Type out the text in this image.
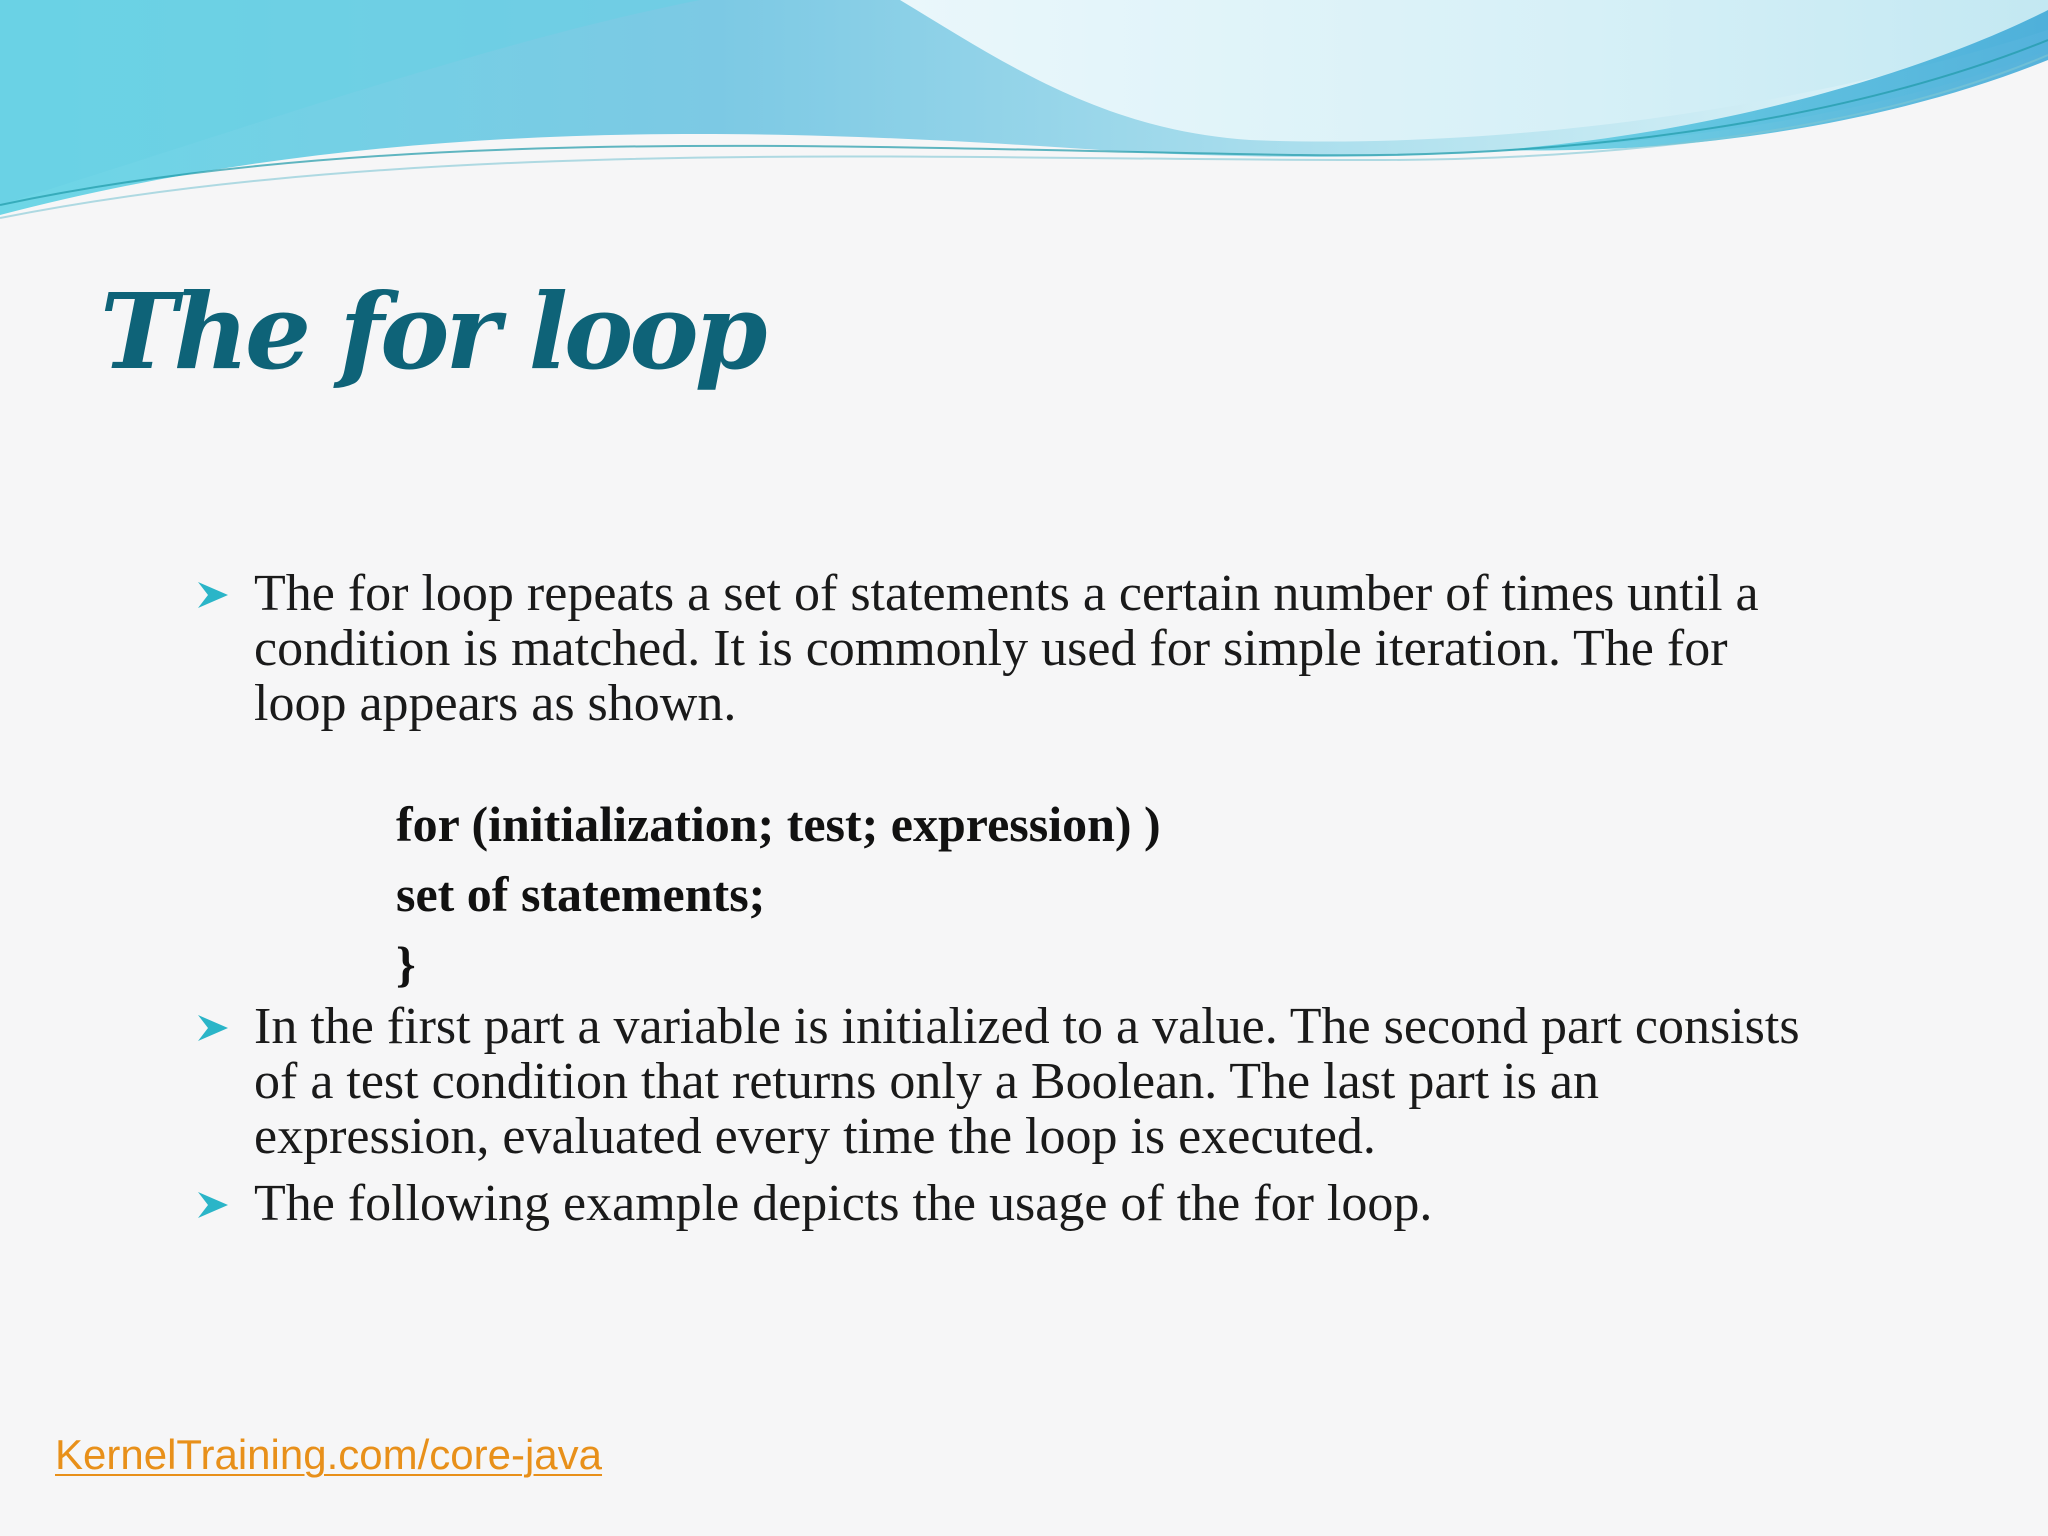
The for loop
The for loop repeats a set of statements a certain number of times until a condition is matched. It is commonly used for simple iteration. The for loop appears as shown.
for (initialization; test; expression) )
set of statements;
}
In the first part a variable is initialized to a value. The second part consists of a test condition that returns only a Boolean. The last part is an expression, evaluated every time the loop is executed.
The following example depicts the usage of the for loop.
KernelTraining.com/core-java
